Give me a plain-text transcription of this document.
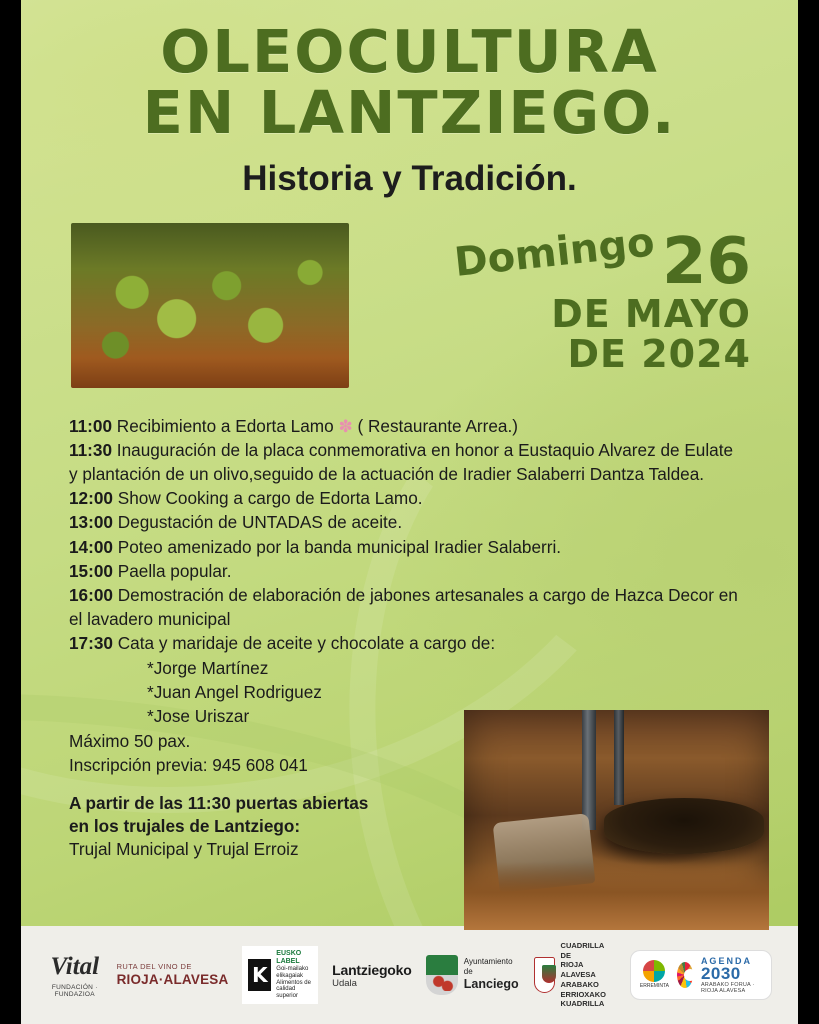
OLEOCULTURA
EN LANTZIEGO.
Historia y Tradición.
Domingo 26
DE MAYO
DE 2024
11:00 Recibimiento a Edorta Lamo ✽ ( Restaurante Arrea.)
11:30 Inauguración de la placa conmemorativa en honor a Eustaquio Alvarez de Eulate y plantación de un olivo,seguido de la actuación de Iradier Salaberri Dantza Taldea.
12:00 Show Cooking a cargo de Edorta Lamo.
13:00 Degustación de UNTADAS de aceite.
14:00 Poteo amenizado por la banda municipal Iradier Salaberri.
15:00 Paella popular.
16:00 Demostración de elaboración de jabones artesanales a cargo de Hazca Decor en el lavadero municipal
17:30 Cata y maridaje de aceite y chocolate a cargo de:
*Jorge Martínez
*Juan Angel Rodriguez
*Jose Uriszar
Máximo 50 pax.
Inscripción previa: 945 608 041
A partir de las 11:30 puertas abiertas
en los trujales de Lantziego:
Trujal Municipal y Trujal Erroiz
Vital
FUNDACIÓN · FUNDAZIOA
RUTA DEL VINO DE
RIOJA·ALAVESA K
EUSKO LABEL
Goi-mailako
elikagaiak
Alimentos de
calidad superior
Lantziegoko
Udala
Ayuntamiento de
Lanciego
CUADRILLA DE
RIOJA ALAVESA
ARABAKO ERRIOXAKO
KUADRILLA
ERREMINTA
AGENDA
2030
ARABAKO FORUA · RIOJA ALAVESA
